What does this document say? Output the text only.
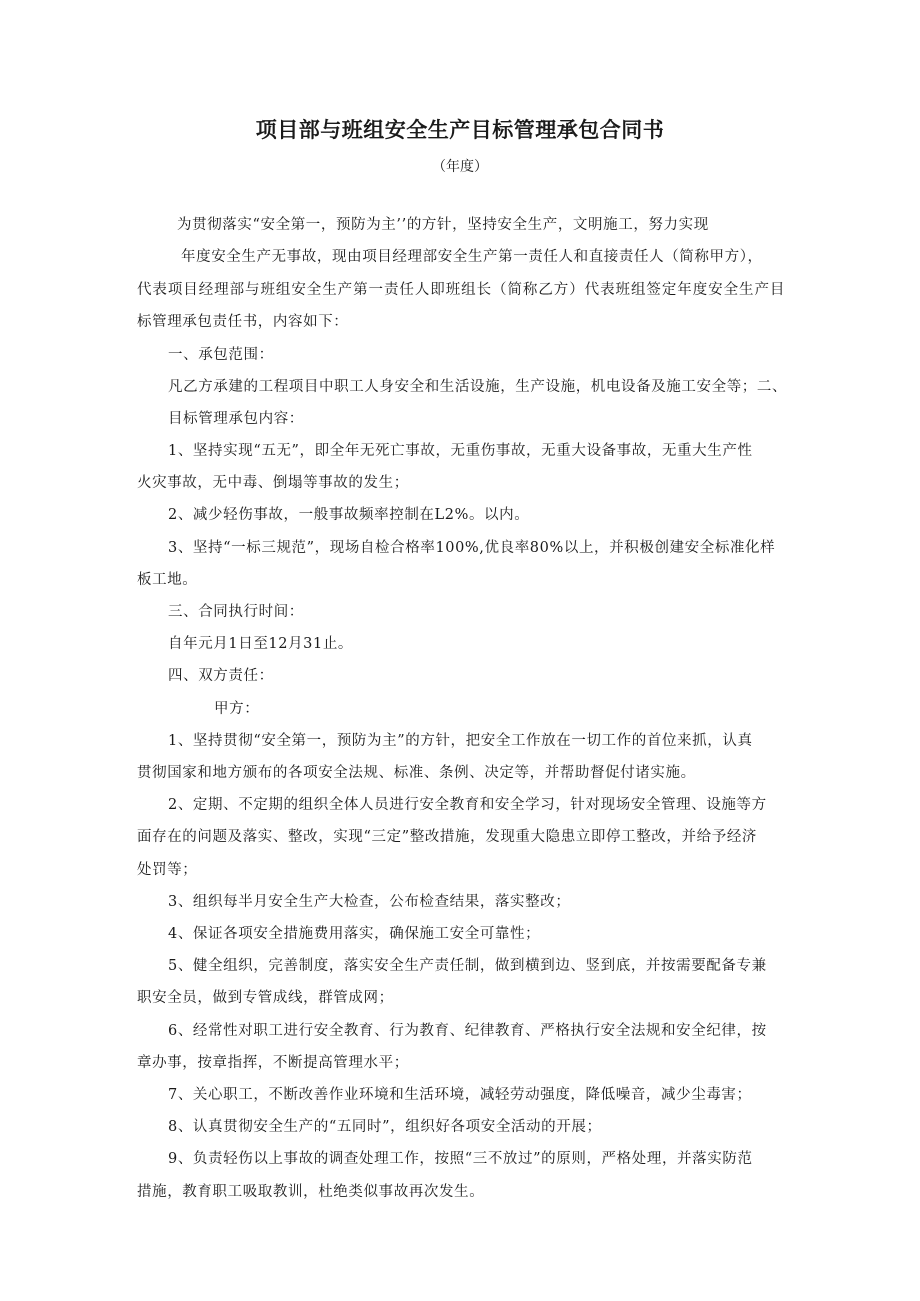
项目部与班组安全生产目标管理承包合同书
（年度）
为贯彻落实“安全第一，预防为主’’的方针，坚持安全生产，文明施工，努力实现
年度安全生产无事故，现由项目经理部安全生产第一责任人和直接责任人（简称甲方），
代表项目经理部与班组安全生产第一责任人即班组长（简称乙方）代表班组签定年度安全生产目
标管理承包责任书，内容如下：
一、承包范围：
凡乙方承建的工程项目中职工人身安全和生活设施，生产设施，机电设备及施工安全等；二、
目标管理承包内容：
1、坚持实现“五无”，即全年无死亡事故，无重伤事故，无重大设备事故，无重大生产性
火灾事故，无中毒、倒塌等事故的发生；
2、减少轻伤事故，一般事故频率控制在L2%。以内。
3、坚持“一标三规范”，现场自检合格率100%,优良率80%以上，并积极创建安全标准化样
板工地。
三、合同执行时间：
自年元月1日至12月31止。
四、双方责任：
甲方：
1、坚持贯彻“安全第一，预防为主”的方针，把安全工作放在一切工作的首位来抓，认真
贯彻国家和地方颁布的各项安全法规、标准、条例、决定等，并帮助督促付诸实施。
2、定期、不定期的组织全体人员进行安全教育和安全学习，针对现场安全管理、设施等方
面存在的问题及落实、整改，实现“三定”整改措施，发现重大隐患立即停工整改，并给予经济
处罚等；
3、组织每半月安全生产大检查，公布检查结果，落实整改；
4、保证各项安全措施费用落实，确保施工安全可靠性；
5、健全组织，完善制度，落实安全生产责任制，做到横到边、竖到底，并按需要配备专兼
职安全员，做到专管成线，群管成网；
6、经常性对职工进行安全教育、行为教育、纪律教育、严格执行安全法规和安全纪律，按
章办事，按章指挥，不断提高管理水平；
7、关心职工，不断改善作业环境和生活环境，减轻劳动强度，降低噪音，减少尘毒害；
8、认真贯彻安全生产的“五同时”，组织好各项安全活动的开展；
9、负责轻伤以上事故的调查处理工作，按照“三不放过”的原则，严格处理，并落实防范
措施，教育职工吸取教训，杜绝类似事故再次发生。
